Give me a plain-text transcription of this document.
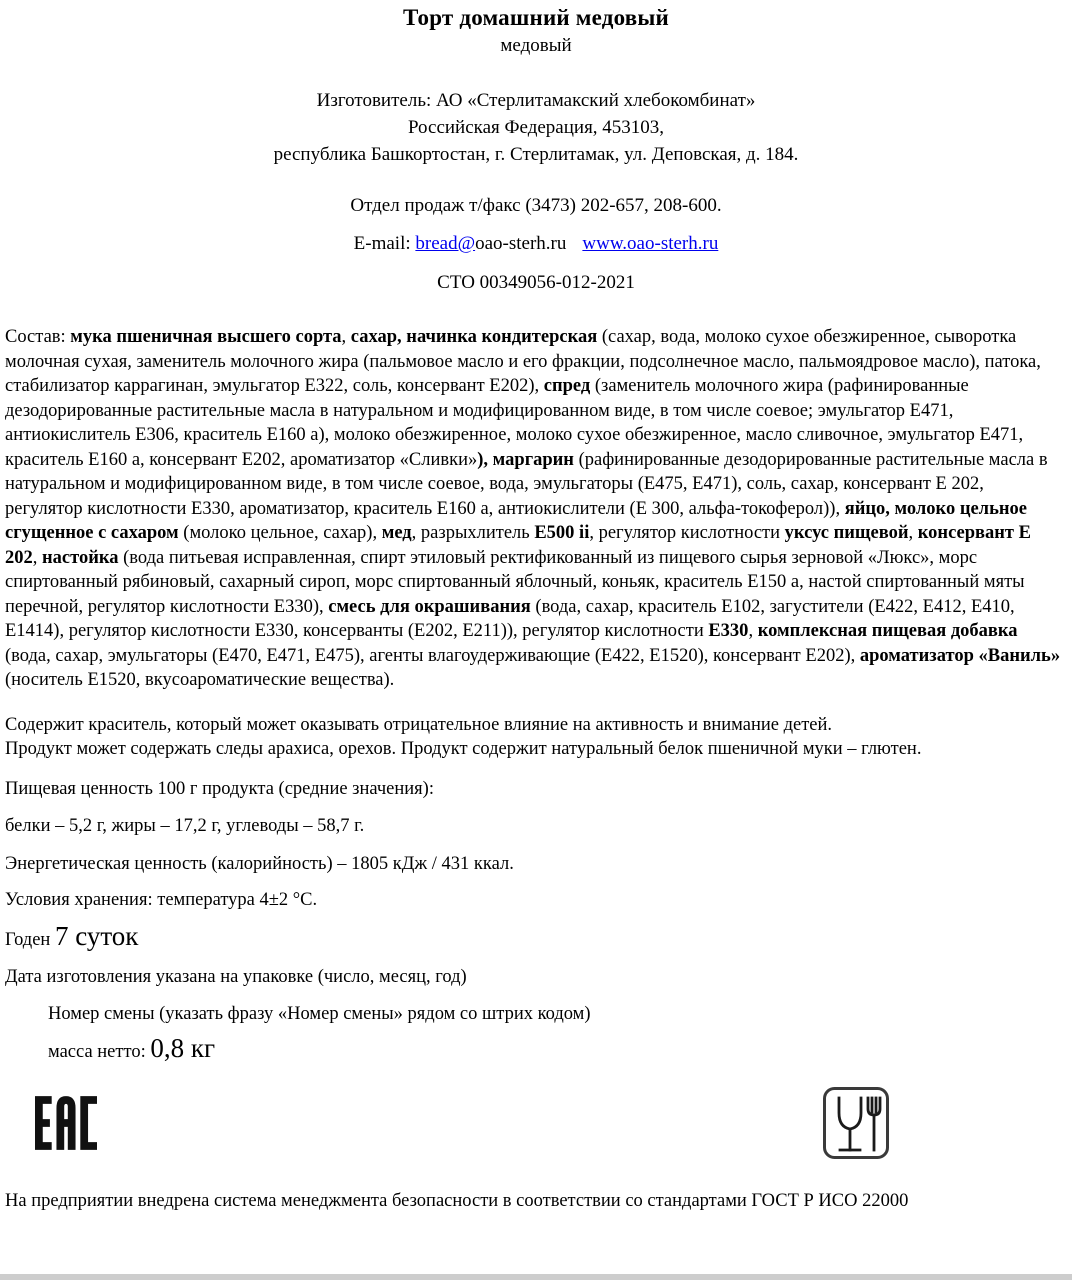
Торт домашний медовый
медовый
Изготовитель: АО «Стерлитамакский хлебокомбинат»
Российская Федерация, 453103,
республика Башкортостан, г. Стерлитамак, ул. Деповская, д. 184.
Отдел продаж т/факс (3473) 202-657, 208-600.
E-mail: bread@oao-sterh.ru www.oao-sterh.ru
СТО 00349056-012-2021
Состав: мука пшеничная высшего сорта, сахар, начинка кондитерская (сахар, вода, молоко сухое обезжиренное, сыворотка молочная сухая, заменитель молочного жира (пальмовое масло и его фракции, подсолнечное масло, пальмоядровое масло), патока, стабилизатор каррагинан, эмульгатор Е322, соль, консервант Е202), спред (заменитель молочного жира (рафинированные дезодорированные растительные масла в натуральном и модифицированном виде, в том числе соевое; эмульгатор Е471, антиокислитель Е306, краситель Е160 а), молоко обезжиренное, молоко сухое обезжиренное, масло сливочное, эмульгатор Е471, краситель Е160 а, консервант Е202, ароматизатор «Сливки»), маргарин (рафинированные дезодорированные растительные масла в натуральном и модифицированном виде, в том числе соевое, вода, эмульгаторы (Е475, Е471), соль, сахар, консервант Е 202, регулятор кислотности Е330, ароматизатор, краситель Е160 а, антиокислители (Е 300, альфа-токоферол)), яйцо, молоко цельное сгущенное с сахаром (молоко цельное, сахар), мед, разрыхлитель Е500 ii, регулятор кислотности уксус пищевой, консервант Е 202, настойка (вода питьевая исправленная, спирт этиловый ректификованный из пищевого сырья зерновой «Люкс», морс спиртованный рябиновый, сахарный сироп, морс спиртованный яблочный, коньяк, краситель Е150 а, настой спиртованный мяты перечной, регулятор кислотности Е330), смесь для окрашивания (вода, сахар, краситель Е102, загустители (Е422, Е412, Е410, Е1414), регулятор кислотности Е330, консерванты (Е202, Е211)), регулятор кислотности Е330, комплексная пищевая добавка (вода, сахар, эмульгаторы (Е470, Е471, Е475), агенты влагоудерживающие (Е422, Е1520), консервант Е202), ароматизатор «Ваниль» (носитель Е1520, вкусоароматические вещества).
Содержит краситель, который может оказывать отрицательное влияние на активность и внимание детей.
Продукт может содержать следы арахиса, орехов. Продукт содержит натуральный белок пшеничной муки – глютен.
Пищевая ценность 100 г продукта (средние значения):
белки – 5,2 г, жиры – 17,2 г, углеводы – 58,7 г.
Энергетическая ценность (калорийность) – 1805 кДж / 431 ккал.
Условия хранения: температура 4±2 °С.
Годен 7 суток
Дата изготовления указана на упаковке (число, месяц, год)
Номер смены (указать фразу «Номер смены» рядом со штрих кодом)
масса нетто: 0,8 кг
На предприятии внедрена система менеджмента безопасности в соответствии со стандартами ГОСТ Р ИСО 22000
